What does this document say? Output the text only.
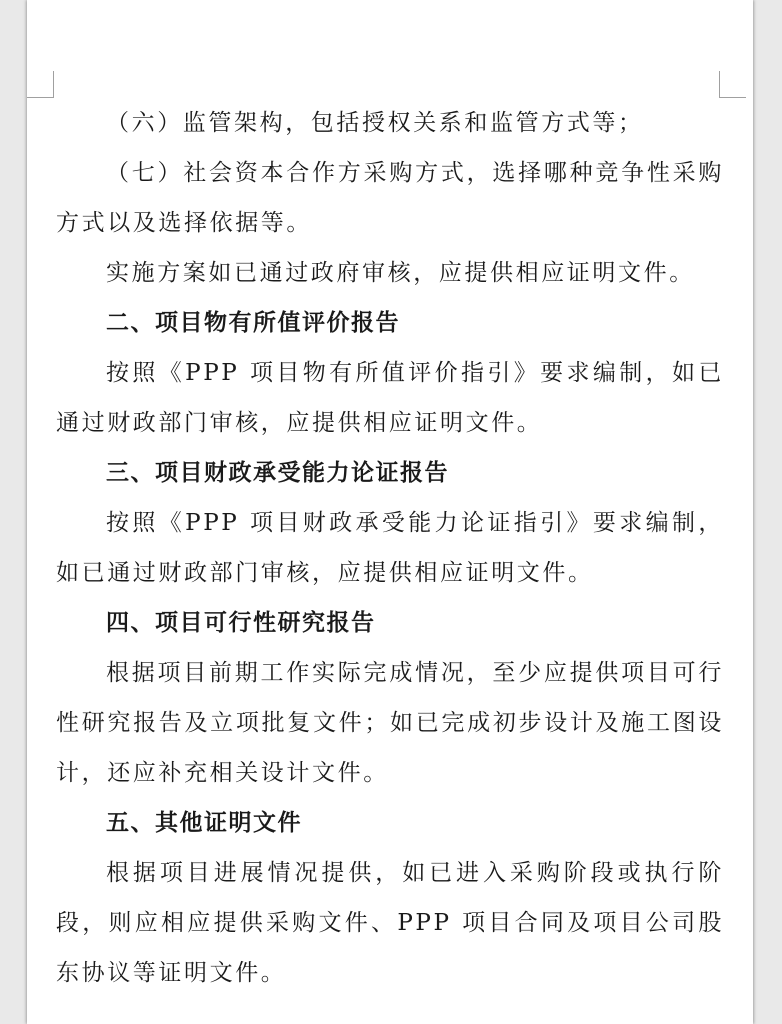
（六）监管架构，包括授权关系和监管方式等；

（七）社会资本合作方采购方式，选择哪种竞争性采购方式以及选择依据等。

实施方案如已通过政府审核，应提供相应证明文件。

二、项目物有所值评价报告

按照《PPP 项目物有所值评价指引》要求编制，如已通过财政部门审核，应提供相应证明文件。

三、项目财政承受能力论证报告

按照《PPP 项目财政承受能力论证指引》要求编制，如已通过财政部门审核，应提供相应证明文件。

四、项目可行性研究报告

根据项目前期工作实际完成情况，至少应提供项目可行性研究报告及立项批复文件；如已完成初步设计及施工图设计，还应补充相关设计文件。

五、其他证明文件

根据项目进展情况提供，如已进入采购阶段或执行阶段，则应相应提供采购文件、PPP 项目合同及项目公司股东协议等证明文件。
